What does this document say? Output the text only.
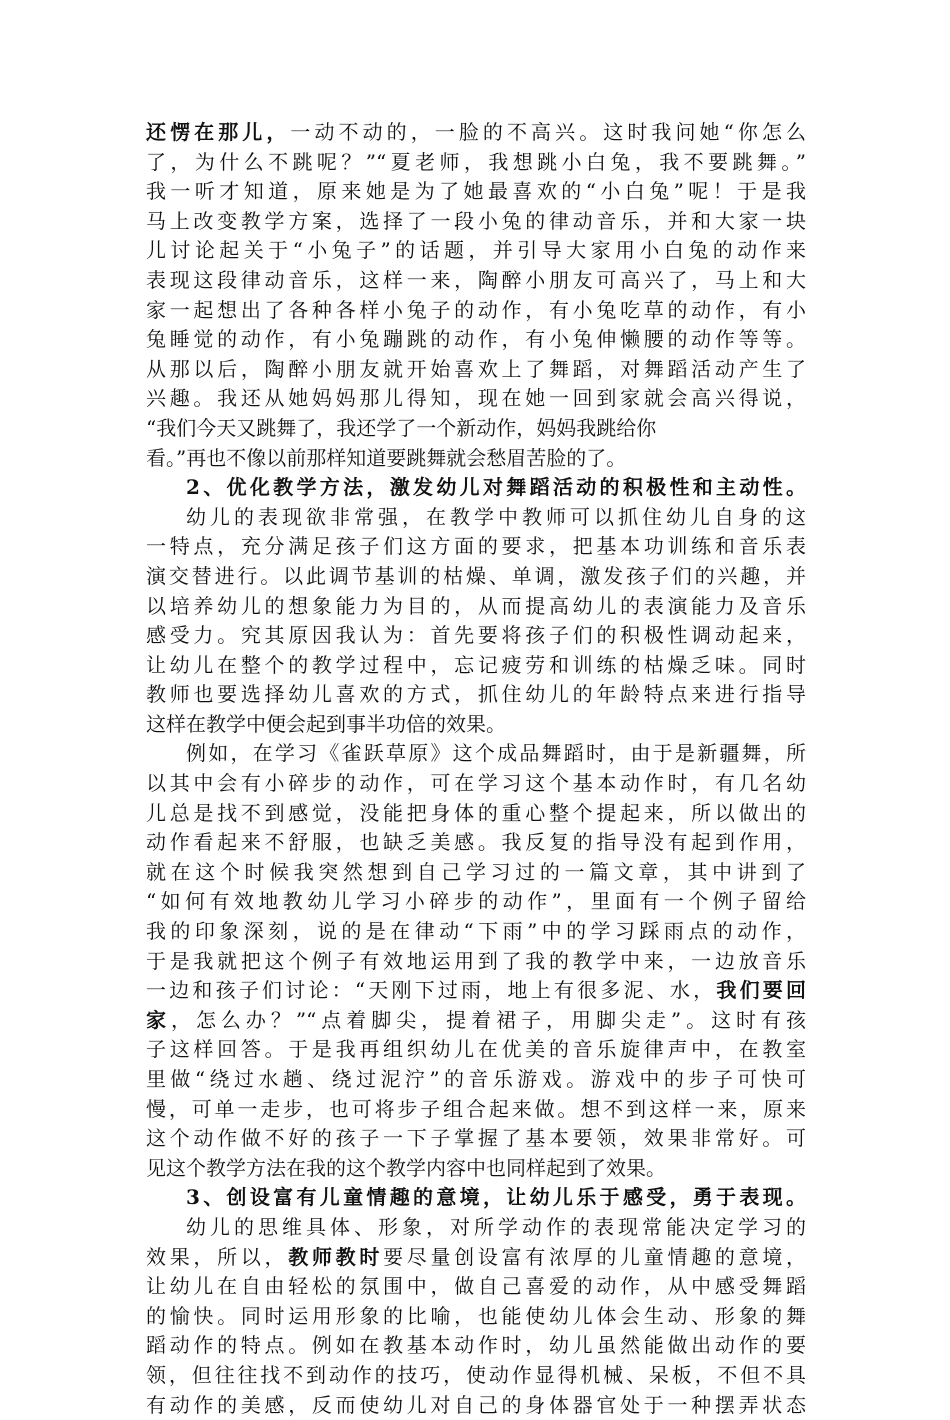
还愣在那儿，一动不动的，一脸的不高兴。这时我问她“你怎么
了，为什么不跳呢？”“夏老师，我想跳小白兔，我不要跳舞。”
我一听才知道，原来她是为了她最喜欢的“小白兔”呢！于是我
马上改变教学方案，选择了一段小兔的律动音乐，并和大家一块
儿讨论起关于“小兔子”的话题，并引导大家用小白兔的动作来
表现这段律动音乐，这样一来，陶醉小朋友可高兴了，马上和大
家一起想出了各种各样小兔子的动作，有小兔吃草的动作，有小
兔睡觉的动作，有小兔蹦跳的动作，有小兔伸懒腰的动作等等。
从那以后，陶醉小朋友就开始喜欢上了舞蹈，对舞蹈活动产生了
兴趣。我还从她妈妈那儿得知，现在她一回到家就会高兴得说，
“我们今天又跳舞了，我还学了一个新动作，妈妈我跳给你
看。”再也不像以前那样知道要跳舞就会愁眉苦脸的了。
2、优化教学方法，激发幼儿对舞蹈活动的积极性和主动性。
幼儿的表现欲非常强，在教学中教师可以抓住幼儿自身的这
一特点，充分满足孩子们这方面的要求，把基本功训练和音乐表
演交替进行。以此调节基训的枯燥、单调，激发孩子们的兴趣，并
以培养幼儿的想象能力为目的，从而提高幼儿的表演能力及音乐
感受力。究其原因我认为：首先要将孩子们的积极性调动起来，
让幼儿在整个的教学过程中，忘记疲劳和训练的枯燥乏味。同时
教师也要选择幼儿喜欢的方式，抓住幼儿的年龄特点来进行指导
这样在教学中便会起到事半功倍的效果。
例如，在学习《雀跃草原》这个成品舞蹈时，由于是新疆舞，所
以其中会有小碎步的动作，可在学习这个基本动作时，有几名幼
儿总是找不到感觉，没能把身体的重心整个提起来，所以做出的
动作看起来不舒服，也缺乏美感。我反复的指导没有起到作用，
就在这个时候我突然想到自己学习过的一篇文章，其中讲到了
“如何有效地教幼儿学习小碎步的动作”，里面有一个例子留给
我的印象深刻，说的是在律动“下雨”中的学习踩雨点的动作，
于是我就把这个例子有效地运用到了我的教学中来，一边放音乐
一边和孩子们讨论：“天刚下过雨，地上有很多泥、水，我们要回
家，怎么办？”“点着脚尖，提着裙子，用脚尖走”。这时有孩
子这样回答。于是我再组织幼儿在优美的音乐旋律声中，在教室
里做“绕过水趟、绕过泥泞”的音乐游戏。游戏中的步子可快可
慢，可单一走步，也可将步子组合起来做。想不到这样一来，原来
这个动作做不好的孩子一下子掌握了基本要领，效果非常好。可
见这个教学方法在我的这个教学内容中也同样起到了效果。
3、创设富有儿童情趣的意境，让幼儿乐于感受，勇于表现。
幼儿的思维具体、形象，对所学动作的表现常能决定学习的
效果，所以，教师教时要尽量创设富有浓厚的儿童情趣的意境，
让幼儿在自由轻松的氛围中，做自己喜爱的动作，从中感受舞蹈
的愉快。同时运用形象的比喻，也能使幼儿体会生动、形象的舞
蹈动作的特点。例如在教基本动作时，幼儿虽然能做出动作的要
领，但往往找不到动作的技巧，使动作显得机械、呆板，不但不具
有动作的美感，反而使幼儿对自己的身体器官处于一种摆弄状态
